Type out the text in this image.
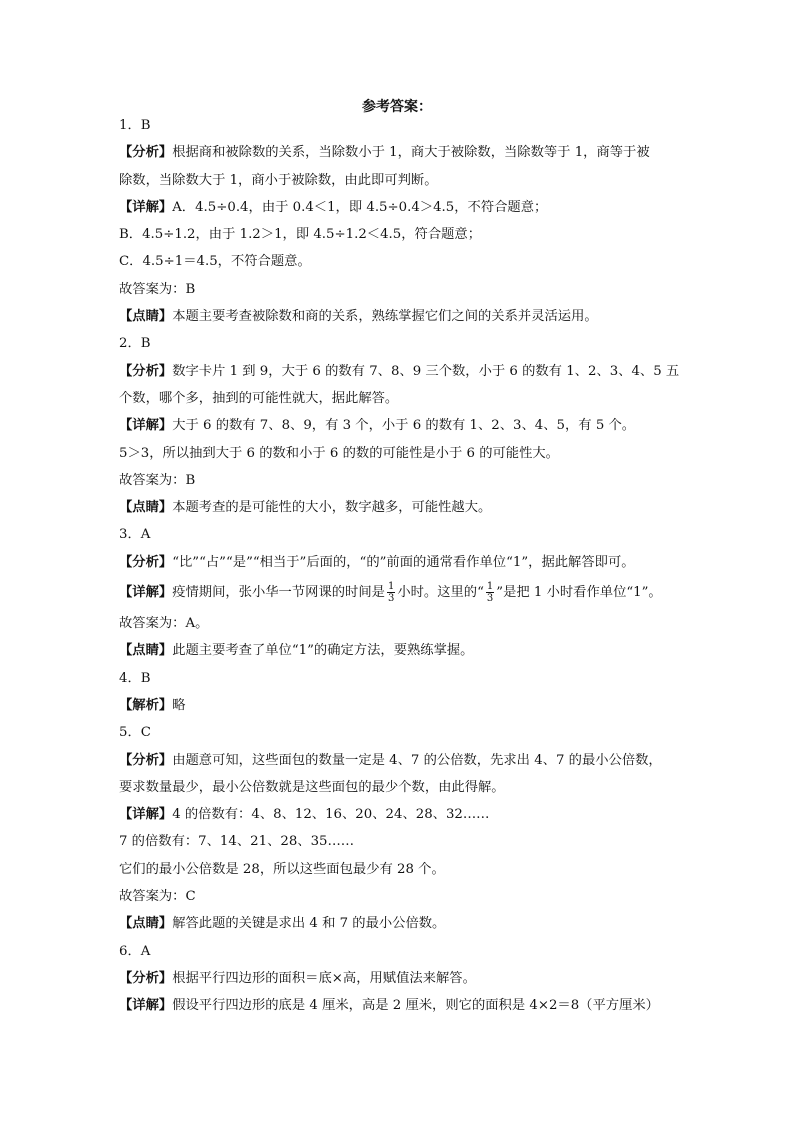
参考答案：
1．B
【分析】根据商和被除数的关系，当除数小于 1，商大于被除数，当除数等于 1，商等于被
除数，当除数大于 1，商小于被除数，由此即可判断。
【详解】A．4.5÷0.4，由于 0.4＜1，即 4.5÷0.4＞4.5，不符合题意；
B．4.5÷1.2，由于 1.2＞1，即 4.5÷1.2＜4.5，符合题意；
C．4.5÷1＝4.5，不符合题意。
故答案为：B
【点睛】本题主要考查被除数和商的关系，熟练掌握它们之间的关系并灵活运用。
2．B
【分析】数字卡片 1 到 9，大于 6 的数有 7、8、9 三个数，小于 6 的数有 1、2、3、4、5 五
个数，哪个多，抽到的可能性就大，据此解答。
【详解】大于 6 的数有 7、8、9，有 3 个，小于 6 的数有 1、2、3、4、5，有 5 个。
5＞3，所以抽到大于 6 的数和小于 6 的数的可能性是小于 6 的可能性大。
故答案为：B
【点睛】本题考查的是可能性的大小，数字越多，可能性越大。
3．A
【分析】“比”“占”“是”“相当于”后面的，“的”前面的通常看作单位“1”，据此解答即可。
【详解】疫情期间，张小华一节网课的时间是 $\frac{1}{3}$ 小时。这里的“ $\frac{1}{3}$ ”是把 1 小时看作单位“1”。
故答案为：A。
【点睛】此题主要考查了单位“1”的确定方法，要熟练掌握。
4．B
【解析】略
5．C
【分析】由题意可知，这些面包的数量一定是 4、7 的公倍数，先求出 4、7 的最小公倍数，
要求数量最少，最小公倍数就是这些面包的最少个数，由此得解。
【详解】4 的倍数有：4、8、12、16、20、24、28、32……
7 的倍数有：7、14、21、28、35……
它们的最小公倍数是 28，所以这些面包最少有 28 个。
故答案为：C
【点睛】解答此题的关键是求出 4 和 7 的最小公倍数。
6．A
【分析】根据平行四边形的面积＝底×高，用赋值法来解答。
【详解】假设平行四边形的底是 4 厘米，高是 2 厘米，则它的面积是 4×2＝8（平方厘米）
